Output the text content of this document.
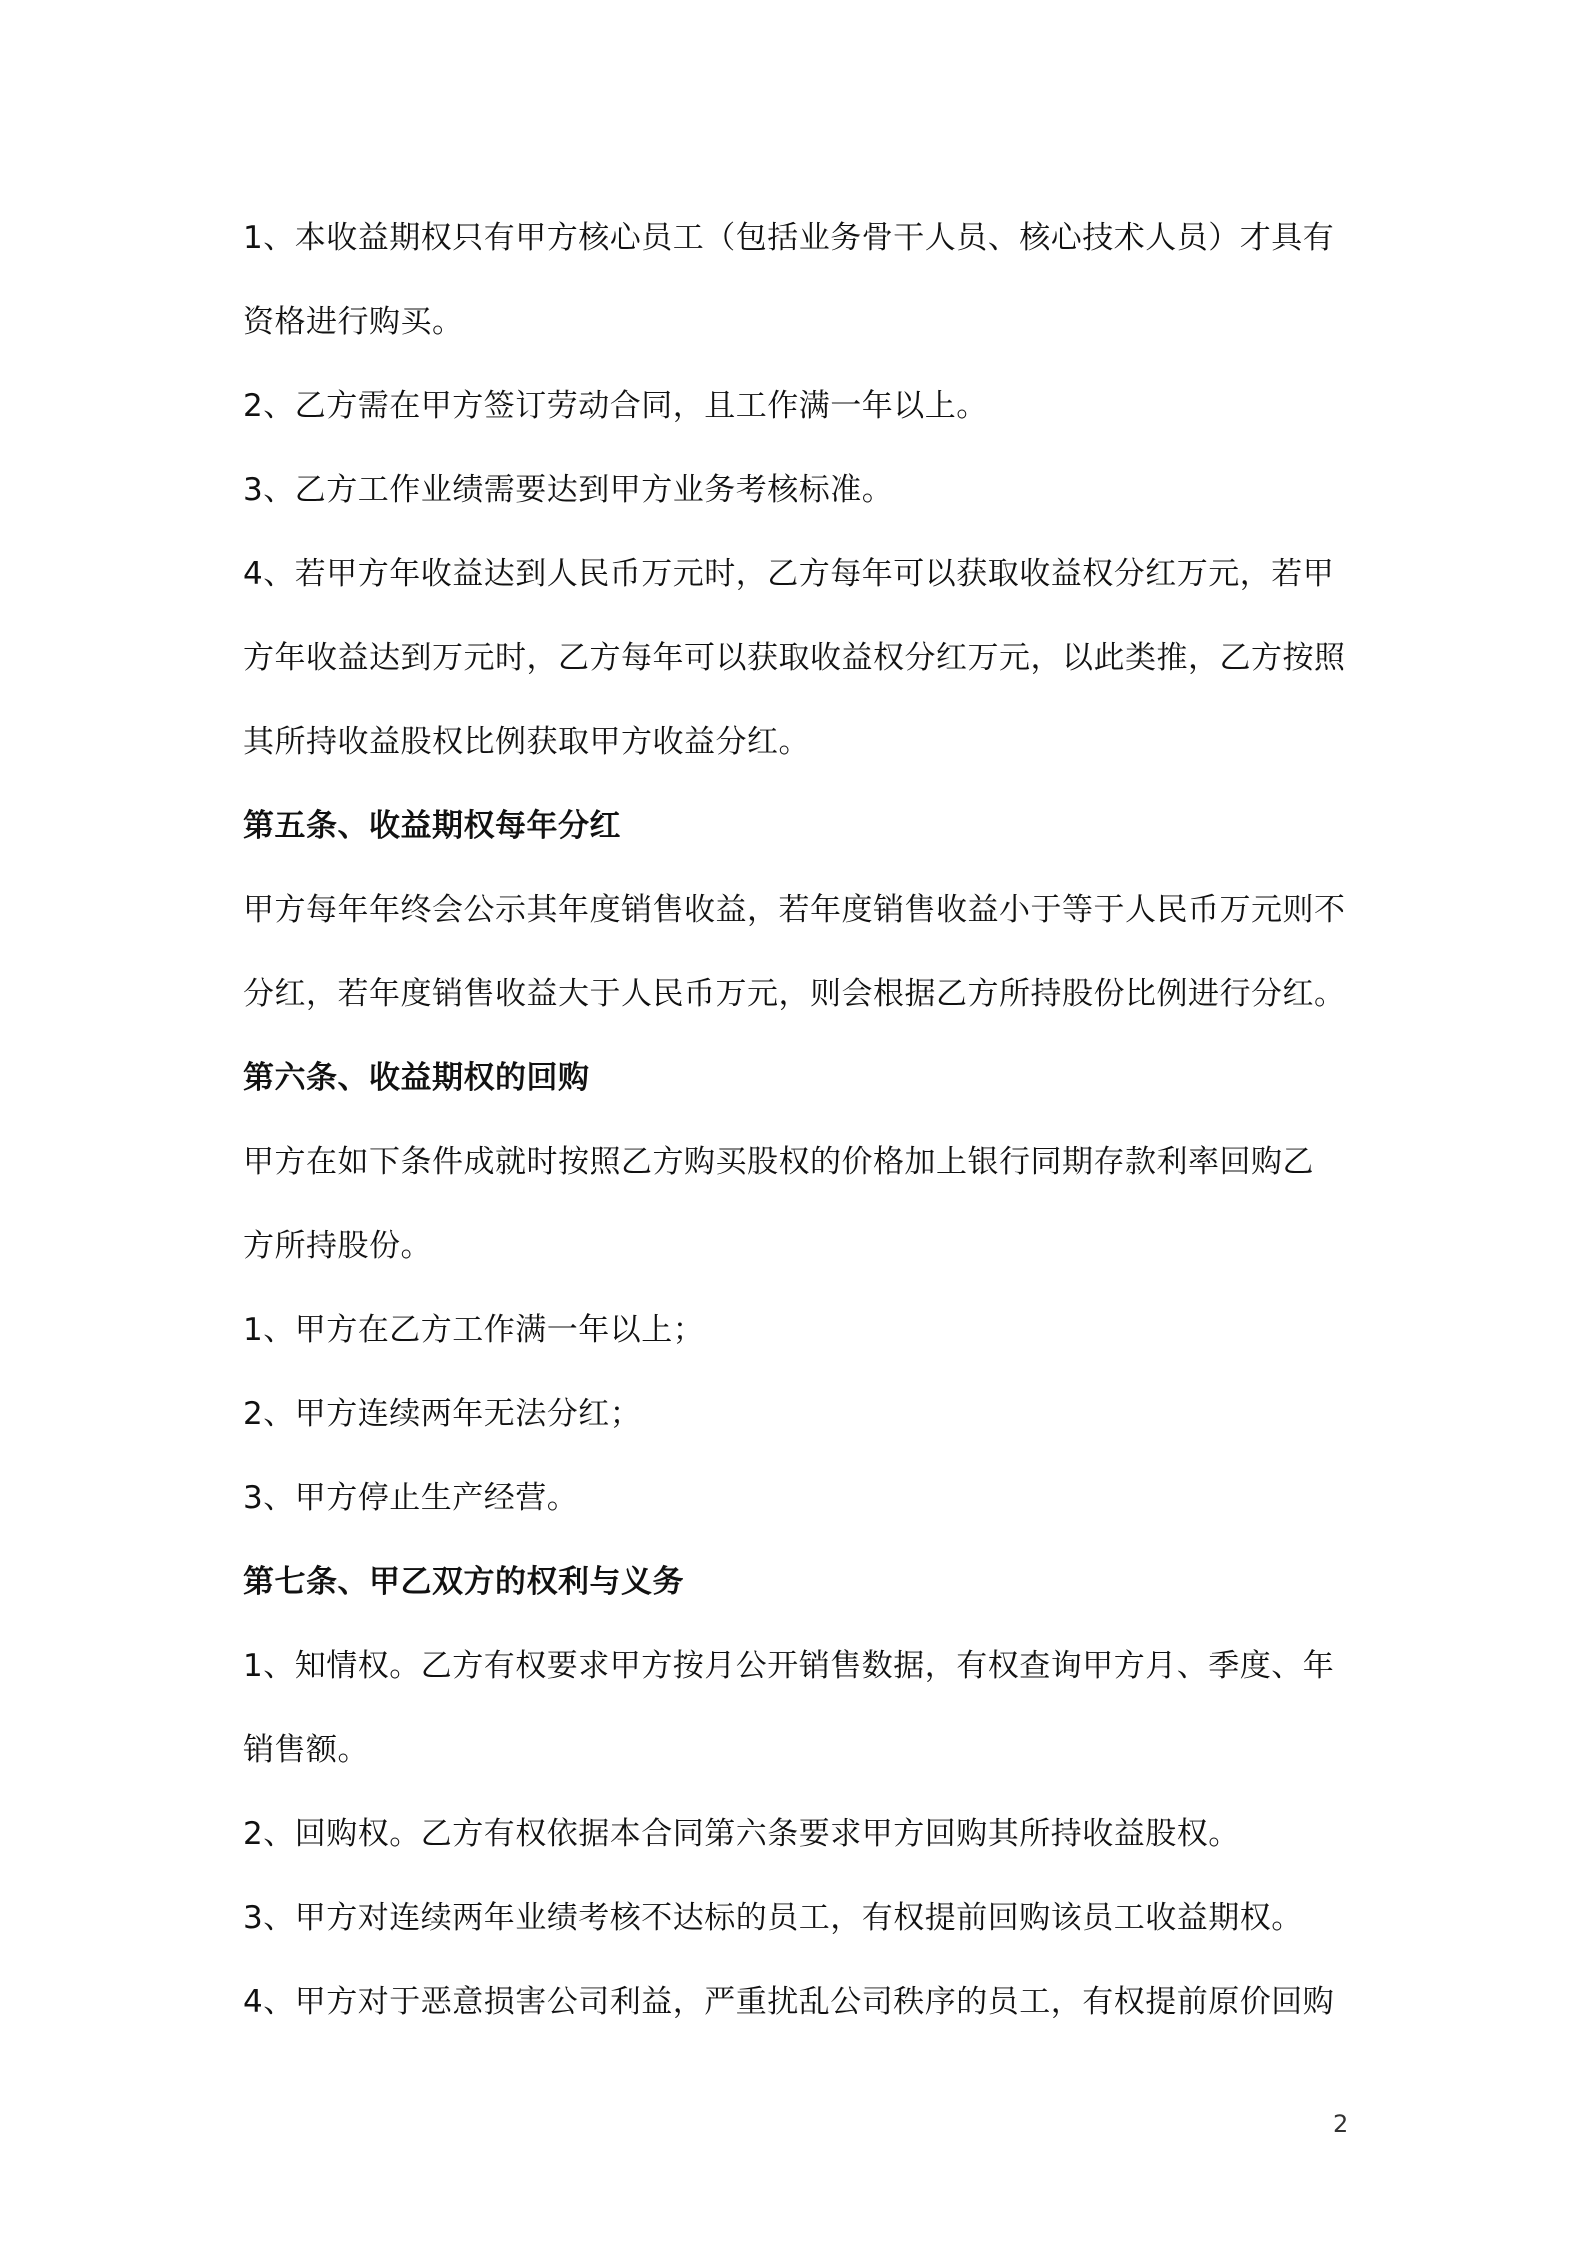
1、本收益期权只有甲方核心员工（包括业务骨干人员、核心技术人员）才具有
资格进行购买。
2、乙方需在甲方签订劳动合同，且工作满一年以上。
3、乙方工作业绩需要达到甲方业务考核标准。
4、若甲方年收益达到人民币万元时，乙方每年可以获取收益权分红万元，若甲
方年收益达到万元时，乙方每年可以获取收益权分红万元，以此类推，乙方按照
其所持收益股权比例获取甲方收益分红。
第五条、收益期权每年分红
甲方每年年终会公示其年度销售收益，若年度销售收益小于等于人民币万元则不
分红，若年度销售收益大于人民币万元，则会根据乙方所持股份比例进行分红。
第六条、收益期权的回购
甲方在如下条件成就时按照乙方购买股权的价格加上银行同期存款利率回购乙
方所持股份。
1、甲方在乙方工作满一年以上；
2、甲方连续两年无法分红；
3、甲方停止生产经营。
第七条、甲乙双方的权利与义务
1、知情权。乙方有权要求甲方按月公开销售数据，有权查询甲方月、季度、年
销售额。
2、回购权。乙方有权依据本合同第六条要求甲方回购其所持收益股权。
3、甲方对连续两年业绩考核不达标的员工，有权提前回购该员工收益期权。
4、甲方对于恶意损害公司利益，严重扰乱公司秩序的员工，有权提前原价回购
2
